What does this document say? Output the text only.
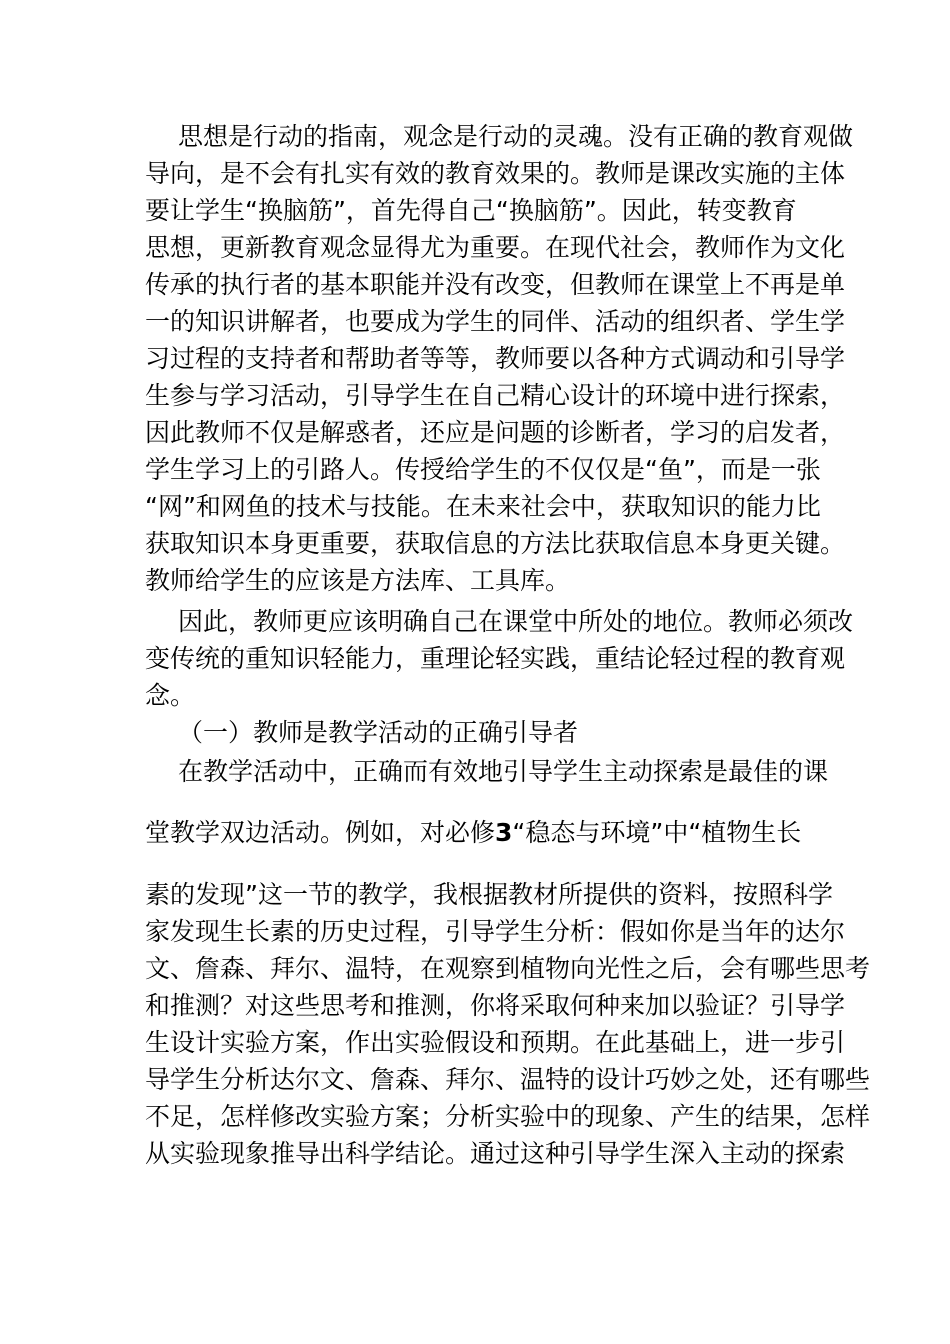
思想是行动的指南，观念是行动的灵魂。没有正确的教育观做
导向，是不会有扎实有效的教育效果的。教师是课改实施的主体
要让学生“换脑筋”，首先得自己“换脑筋”。因此，转变教育
思想，更新教育观念显得尤为重要。在现代社会，教师作为文化
传承的执行者的基本职能并没有改变，但教师在课堂上不再是单
一的知识讲解者，也要成为学生的同伴、活动的组织者、学生学
习过程的支持者和帮助者等等，教师要以各种方式调动和引导学
生参与学习活动，引导学生在自己精心设计的环境中进行探索，
因此教师不仅是解惑者，还应是问题的诊断者，学习的启发者，
学生学习上的引路人。传授给学生的不仅仅是“鱼”，而是一张
“网”和网鱼的技术与技能。在未来社会中，获取知识的能力比
获取知识本身更重要，获取信息的方法比获取信息本身更关键。
教师给学生的应该是方法库、工具库。
因此，教师更应该明确自己在课堂中所处的地位。教师必须改
变传统的重知识轻能力，重理论轻实践，重结论轻过程的教育观
念。
（一）教师是教学活动的正确引导者
在教学活动中，正确而有效地引导学生主动探索是最佳的课
堂教学双边活动。例如，对必修3“稳态与环境”中“植物生长
素的发现”这一节的教学，我根据教材所提供的资料，按照科学
家发现生长素的历史过程，引导学生分析：假如你是当年的达尔
文、詹森、拜尔、温特，在观察到植物向光性之后，会有哪些思考
和推测？对这些思考和推测，你将采取何种来加以验证？引导学
生设计实验方案，作出实验假设和预期。在此基础上，进一步引
导学生分析达尔文、詹森、拜尔、温特的设计巧妙之处，还有哪些
不足，怎样修改实验方案；分析实验中的现象、产生的结果，怎样
从实验现象推导出科学结论。通过这种引导学生深入主动的探索
